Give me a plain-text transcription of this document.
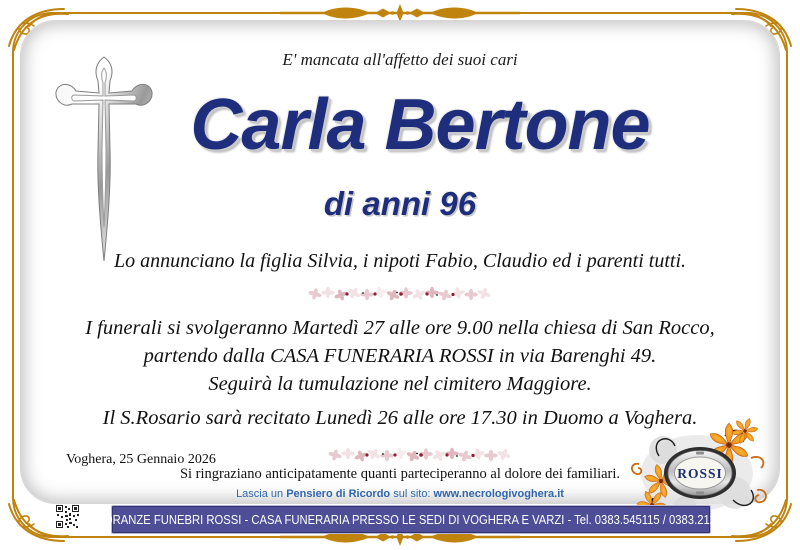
E' mancata all'affetto dei suoi cari
Carla Bertone
di anni 96
Lo annunciano la figlia Silvia, i nipoti Fabio, Claudio ed i parenti tutti.
I funerali si svolgeranno Martedì 27 alle ore 9.00 nella chiesa di San Rocco,
partendo dalla CASA FUNERARIA ROSSI in via Barenghi 49.
Seguirà la tumulazione nel cimitero Maggiore.
Il S.Rosario sarà recitato Lunedì 26 alle ore 17.30 in Duomo a Voghera.
Voghera, 25 Gennaio 2026
Si ringraziano anticipatamente quanti parteciperanno al dolore dei familiari.
Lascia un Pensiero di Ricordo sul sito: www.necrologivoghera.it
ROSSI
ONORANZE FUNEBRI ROSSI - CASA FUNERARIA PRESSO LE SEDI DI VOGHERA E VARZI - Tel. 0383.545115 / 0383.212864
